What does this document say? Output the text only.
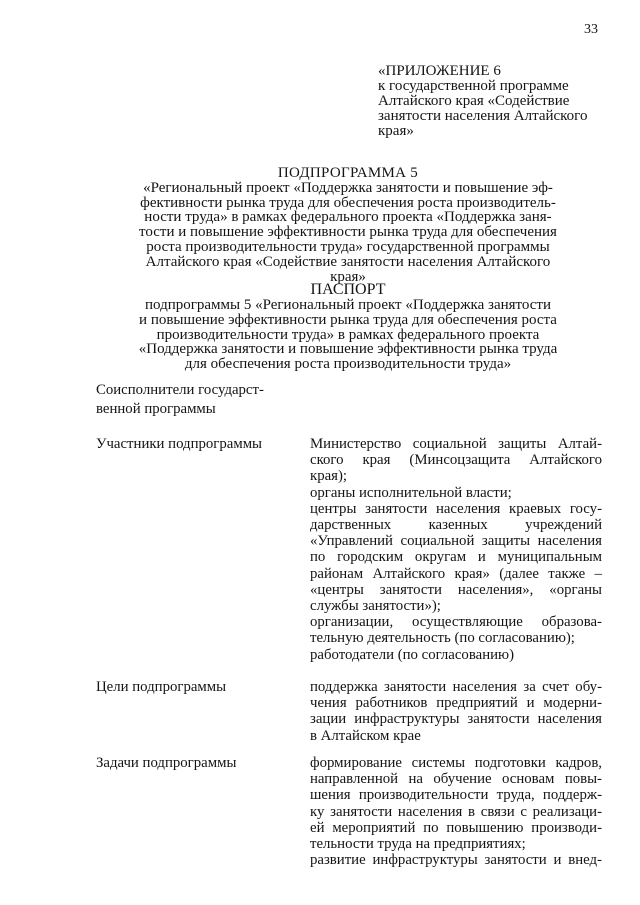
33
«ПРИЛОЖЕНИЕ 6
к государственной программе
Алтайского края «Содействие
занятости населения Алтайского
края»
ПОДПРОГРАММА 5
«Региональный проект «Поддержка занятости и повышение эф-
фективности рынка труда для обеспечения роста производитель-
ности труда» в рамках федерального проекта «Поддержка заня-
тости и повышение эффективности рынка труда для обеспечения
роста производительности труда» государственной программы
Алтайского края «Содействие занятости населения Алтайского
края»
ПАСПОРТ
подпрограммы 5 «Региональный проект «Поддержка занятости
и повышение эффективности рынка труда для обеспечения роста
производительности труда» в рамках федерального проекта
«Поддержка занятости и повышение эффективности рынка труда
для обеспечения роста производительности труда»
Соисполнители государст-
венной программы
Участники подпрограммы	Министерство социальной защиты Алтай-
ского края (Минсоцзащита Алтайского
края);
органы исполнительной власти;
центры занятости населения краевых госу-
дарственных казенных учреждений
«Управлений социальной защиты населения
по городским округам и муниципальным
районам Алтайского края» (далее также –
«центры занятости населения», «органы
службы занятости»);
организации, осуществляющие образова-
тельную деятельность (по согласованию);
работодатели (по согласованию)
Цели подпрограммы	поддержка занятости населения за счет обу-
чения работников предприятий и модерни-
зации инфраструктуры занятости населения
в Алтайском крае
Задачи подпрограммы	формирование системы подготовки кадров,
направленной на обучение основам повы-
шения производительности труда, поддерж-
ку занятости населения в связи с реализаци-
ей мероприятий по повышению производи-
тельности труда на предприятиях;
развитие инфраструктуры занятости и внед-
